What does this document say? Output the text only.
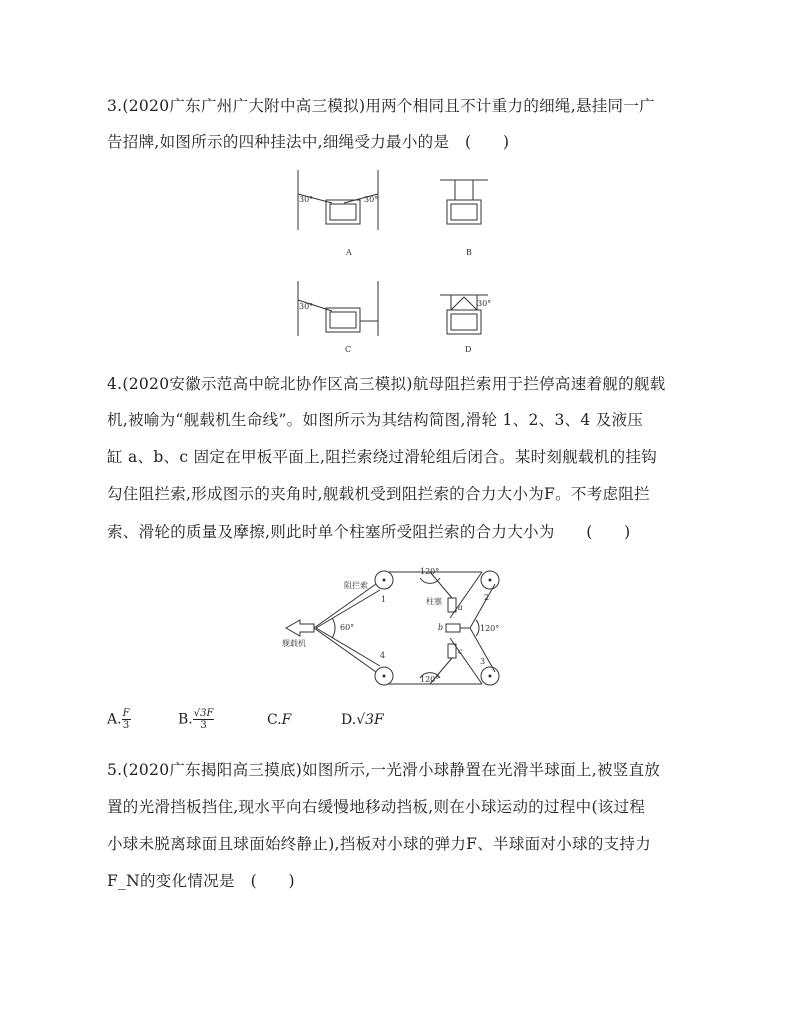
3.(2020广东广州广大附中高三模拟)用两个相同且不计重力的细绳,悬挂同一广
告招牌,如图所示的四种挂法中,细绳受力最小的是　(　　)
30°	30°
A	B
30°
C
30°
D
4.(2020安徽示范高中皖北协作区高三模拟)航母阻拦索用于拦停高速着舰的舰载
机,被喻为“舰载机生命线”。如图所示为其结构简图,滑轮 1、2、3、4 及液压
缸 a、b、c 固定在甲板平面上,阻拦索绕过滑轮组后闭合。某时刻舰载机的挂钩
勾住阻拦索,形成图示的夹角时,舰载机受到阻拦索的合力大小为F。不考虑阻拦
索、滑轮的质量及摩擦,则此时单个柱塞所受阻拦索的合力大小为　　(　　)
阻拦索
柱塞
舰载机
60°
120°
120°
120°
1	2
3
4
a
b
c
A. $\frac{F}{3}$	B. $\frac{√3F}{3}$	C.F	D.√3F
5.(2020广东揭阳高三摸底)如图所示,一光滑小球静置在光滑半球面上,被竖直放
置的光滑挡板挡住,现水平向右缓慢地移动挡板,则在小球运动的过程中(该过程
小球未脱离球面且球面始终静止),挡板对小球的弹力F、半球面对小球的支持力
F_N的变化情况是　(　　)
